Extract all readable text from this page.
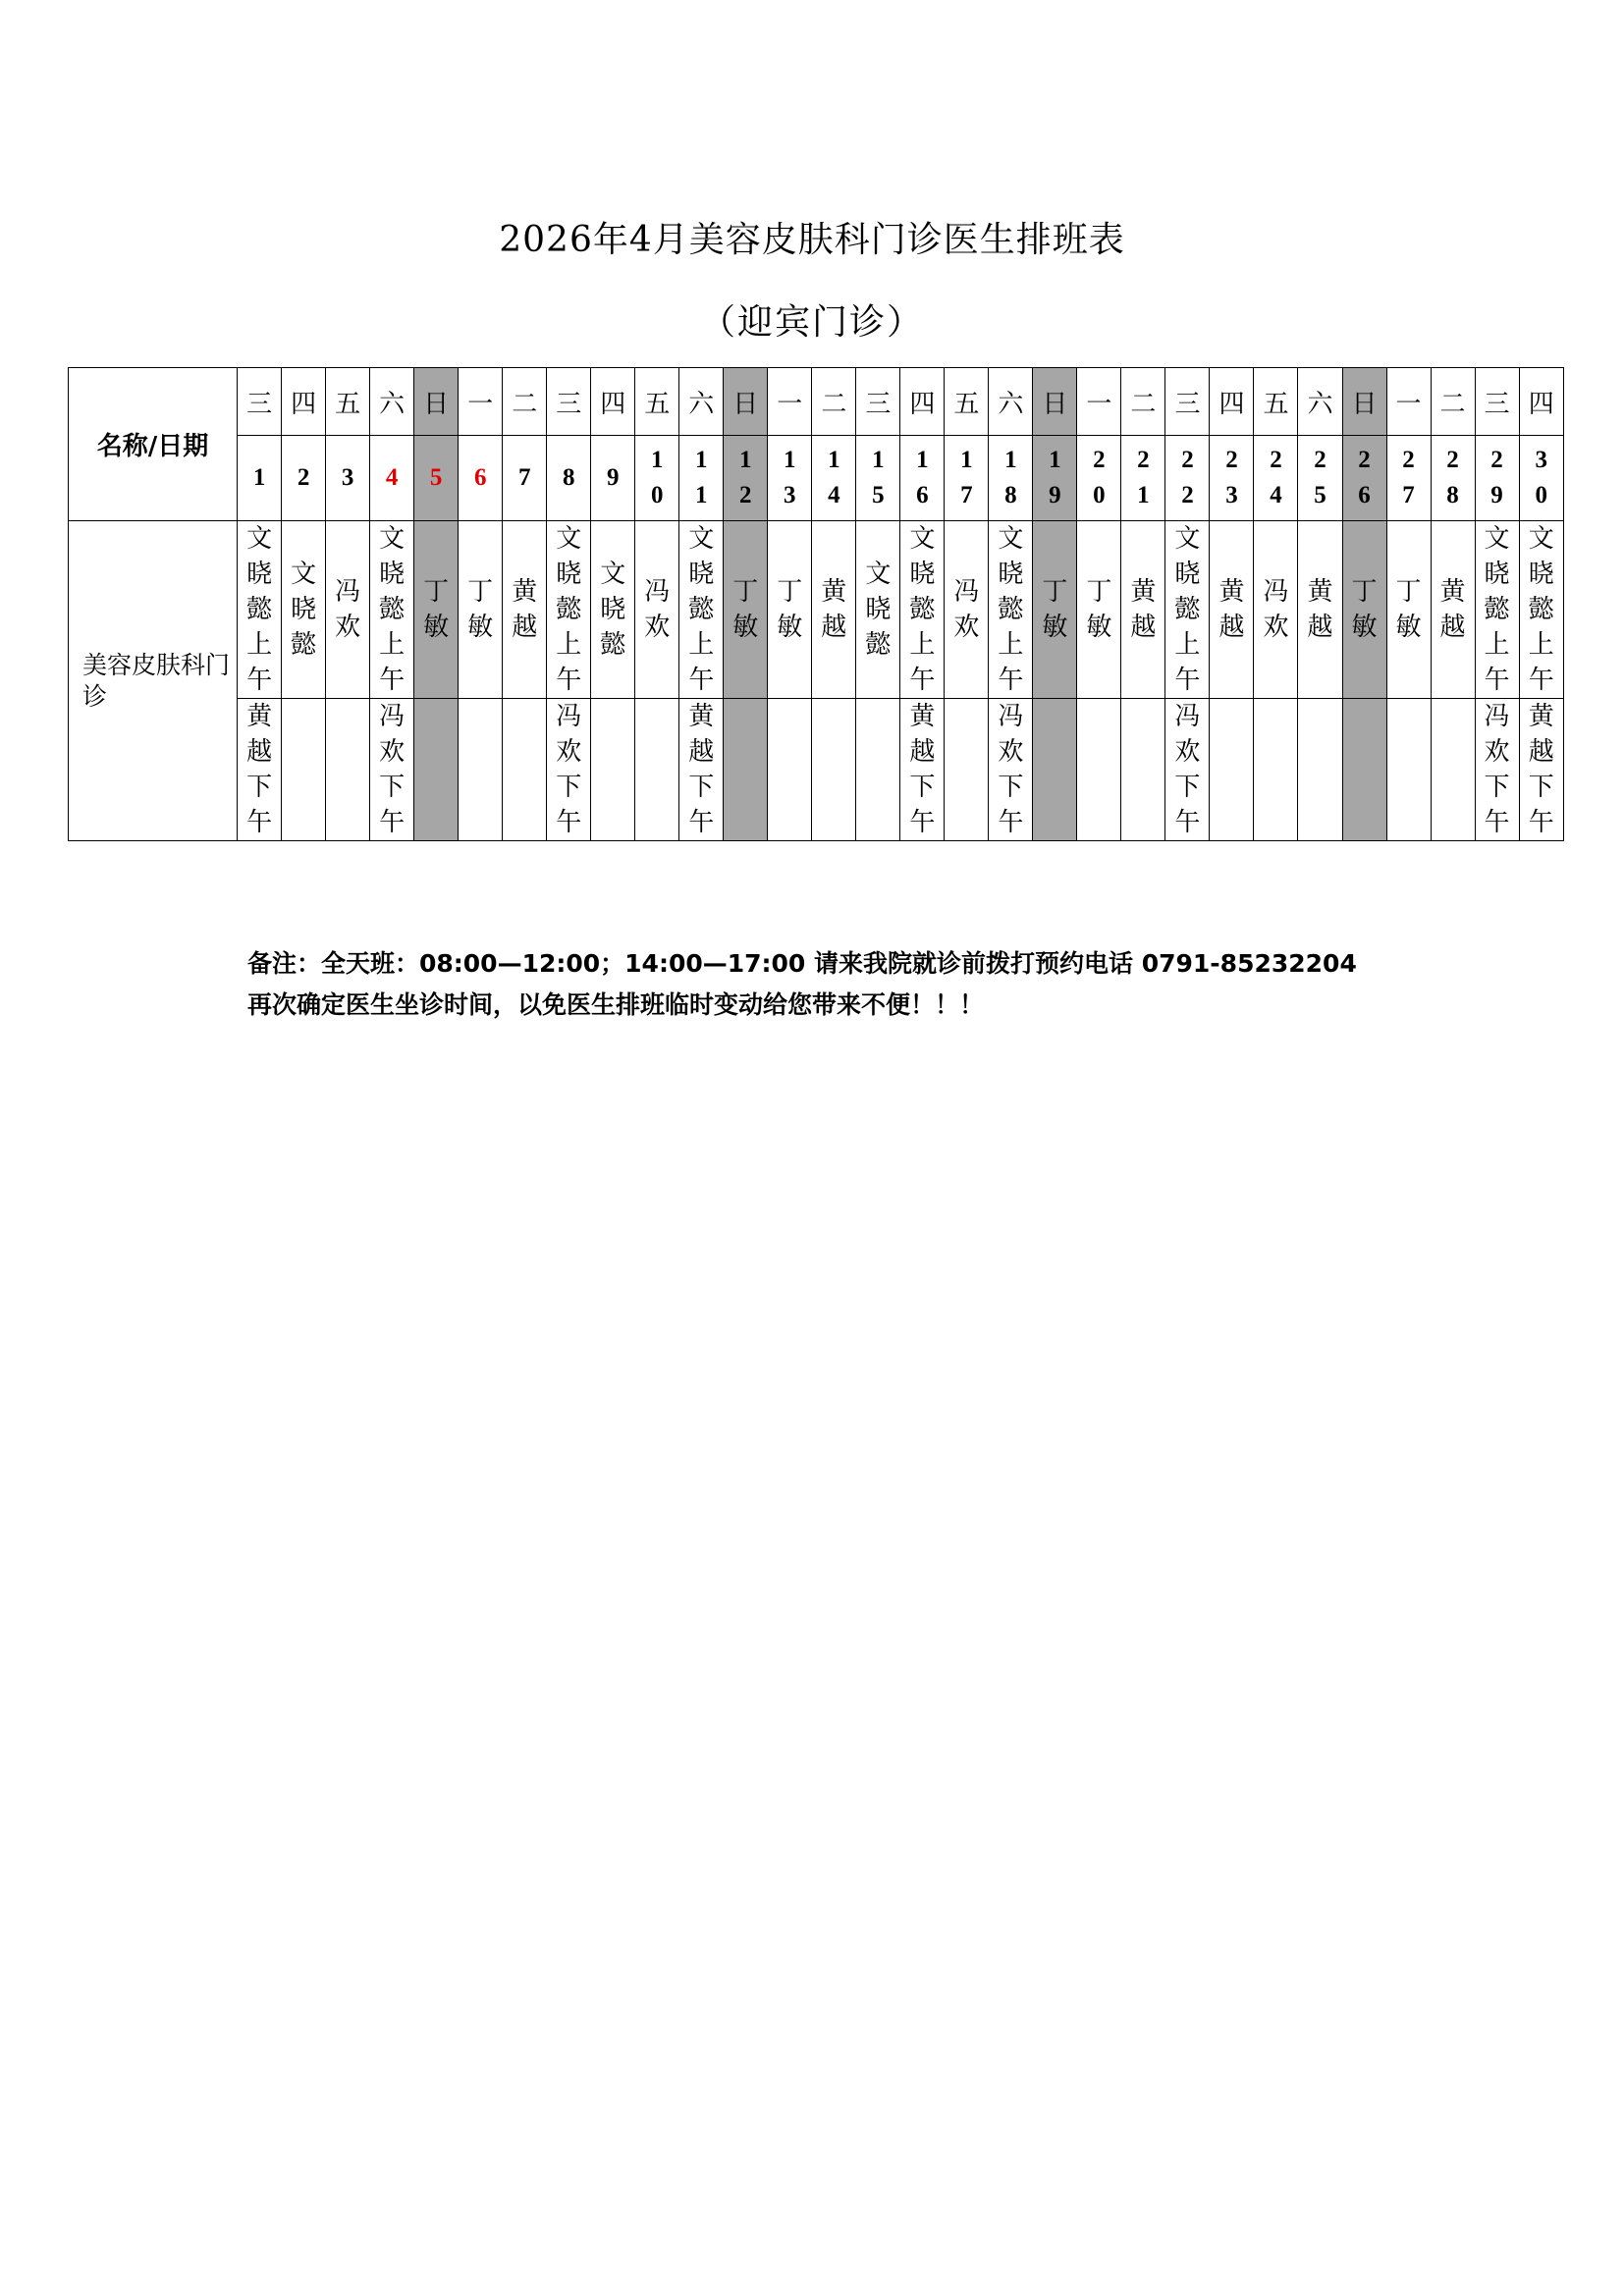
2026年4月美容皮肤科门诊医生排班表
（迎宾门诊）
名称/日期	三	四	五	六	日	一	二	三	四	五	六	日	一	二	三	四	五	六	日	一	二	三	四	五	六	日	一	二	三	四
	1	2	3	4	5	6	7	8	9	10	11	12	13	14	15	16	17	18	19	20	21	22	23	24	25	26	27	28	29	30
美容皮肤科门诊	文晓懿上午	文晓懿	冯欢	文晓懿上午	丁敏	丁敏	黄越	文晓懿上午	文晓懿	冯欢	文晓懿上午	丁敏	丁敏	黄越	文晓懿	文晓懿上午	冯欢	文晓懿上午	丁敏	丁敏	黄越	文晓懿上午	黄越	冯欢	黄越	丁敏	丁敏	黄越	文晓懿上午	文晓懿上午
	黄越下午			冯欢下午				冯欢下午			黄越下午					黄越下午		冯欢下午				冯欢下午							冯欢下午	黄越下午
备注：全天班：08:00—12:00；14:00—17:00 请来我院就诊前拨打预约电话 0791-85232204
再次确定医生坐诊时间，以免医生排班临时变动给您带来不便！！！
